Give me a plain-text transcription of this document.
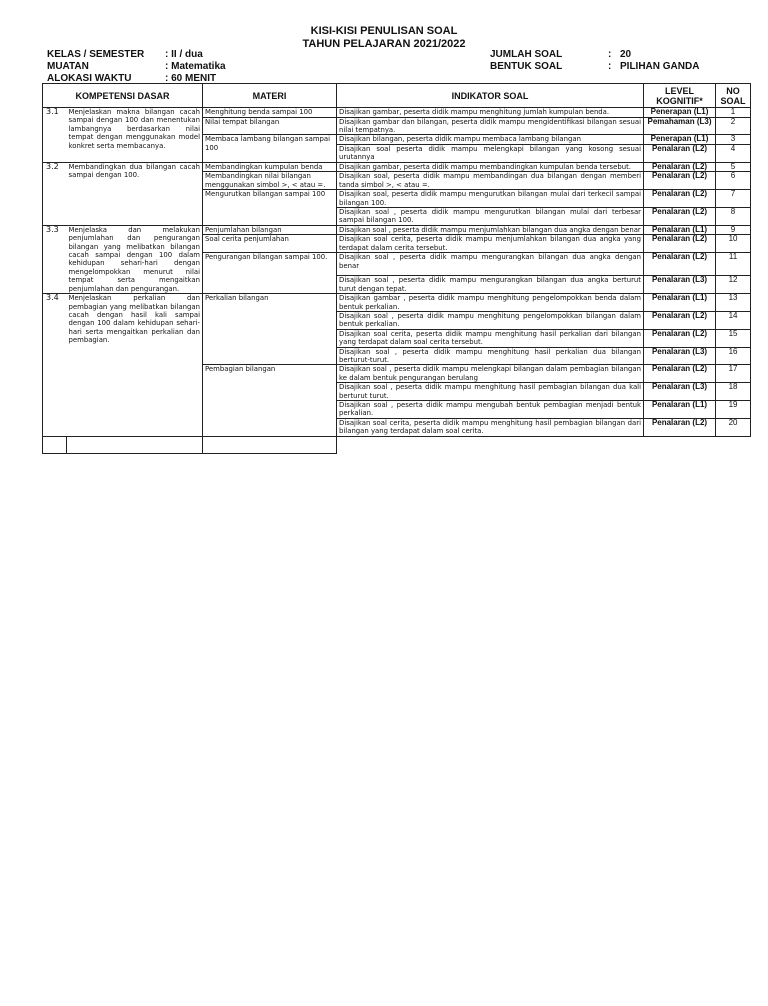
KISI-KISI PENULISAN SOAL
TAHUN PELAJARAN 2021/2022
KELAS / SEMESTER : II / dua
MUATAN	: Matematika
ALOKASI WAKTU	: 60 MENIT
JUMLAH SOAL	: 20
BENTUK SOAL	: PILIHAN GANDA
KOMPETENSI DASAR		MATERI	INDIKATOR SOAL	LEVEL KOGNITIF*	NO SOAL
3.1	Menjelaskan makna bilangan cacah sampai dengan 100 dan menentukan lambangnya berdasarkan nilai tempat dengan menggunakan model konkret serta membacanya.	Menghitung benda sampai 100	Disajikan gambar, peserta didik mampu menghitung jumlah kumpulan benda.	Penerapan (L1)	1
		Nilai tempat bilangan	Disajikan gambar dan bilangan, peserta didik mampu mengidentifikasi bilangan sesuai nilai tempatnya.	Pemahaman (L3)	2
		Membaca lambang bilangan sampai 100	Disajikan bilangan, peserta didik mampu membaca lambang bilangan	Penerapan (L1)	3
			Disajikan soal peserta didik mampu melengkapi bilangan yang kosong sesuai urutannya	Penalaran (L2)	4
3.2	Membandingkan dua bilangan cacah sampai dengan 100.	Membandingkan kumpulan benda	Disajikan gambar, peserta didik mampu membandingkan kumpulan benda tersebut.	Penalaran (L2)	5
		Membandingkan nilai bilangan menggunakan simbol >, < atau =.	Disajikan soal, peserta didik mampu membandingan dua bilangan dengan memberi tanda simbol >, < atau =.	Penalaran (L2)	6
		Mengurutkan bilangan sampai 100	Disajikan soal, peserta didik mampu mengurutkan bilangan mulai dari terkecil sampai bilangan 100.	Penalaran (L2)	7
			Disajikan soal , peserta didik mampu mengurutkan bilangan mulai dari terbesar sampai bilangan 100.	Penalaran (L2)	8
3.3	Menjelaska dan melakukan penjumlahan dan pengurangan bilangan yang melibatkan bilangan cacah sampai dengan 100 dalam kehidupan sehari-hari dengan mengelompokkan menurut nilai tempat serta mengaitkan penjumlahan dan pengurangan.	Penjumlahan bilangan	Disajikan soal , peserta didik mampu menjumlahkan bilangan dua angka dengan benar	Penalaran (L1)	9
		Soal cerita penjumlahan	Disajikan soal cerita, peserta didik mampu menjumlahkan bilangan dua angka yang terdapat dalam cerita tersebut.	Penalaran (L2)	10
		Pengurangan bilangan sampai 100.	Disajikan soal , peserta didik mampu mengurangkan bilangan dua angka dengan benar	Penalaran (L2)	11
			Disajikan soal , peserta didik mampu mengurangkan bilangan dua angka berturut turut dengan tepat.	Penalaran (L3)	12
3.4	Menjelaskan perkalian dan pembagian yang melibatkan bilangan cacah dengan hasil kali sampai dengan 100 dalam kehidupan sehari-hari serta mengaitkan perkalian dan pembagian.	Perkalian bilangan	Disajikan gambar , peserta didik mampu menghitung pengelompokkan benda dalam bentuk perkalian.	Penalaran (L1)	13
			Disajikan soal , peserta didik mampu menghitung pengelompokkan bilangan dalam bentuk perkalian.	Penalaran (L2)	14
			Disajikan soal cerita, peserta didik mampu menghitung hasil perkalian dari bilangan yang terdapat dalam soal cerita tersebut.	Penalaran (L2)	15
			Disajikan soal , peserta didik mampu menghitung hasil perkalian dua bilangan berturut-turut.	Penalaran (L3)	16
		Pembagian bilangan	Disajikan soal , peserta didik mampu melengkapi bilangan dalam pembagian bilangan ke dalam bentuk pengurangan berulang	Penalaran (L2)	17
			Disajikan soal , peserta didik mampu menghitung hasil pembagian bilangan dua kali berturut turut.	Penalaran (L3)	18
			Disajikan soal , peserta didik mampu mengubah bentuk pembagian menjadi bentuk perkalian.	Penalaran (L1)	19
			Disajikan soal cerita, peserta didik mampu menghitung hasil pembagian bilangan dari bilangan yang terdapat dalam soal cerita.	Penalaran (L2)	20
